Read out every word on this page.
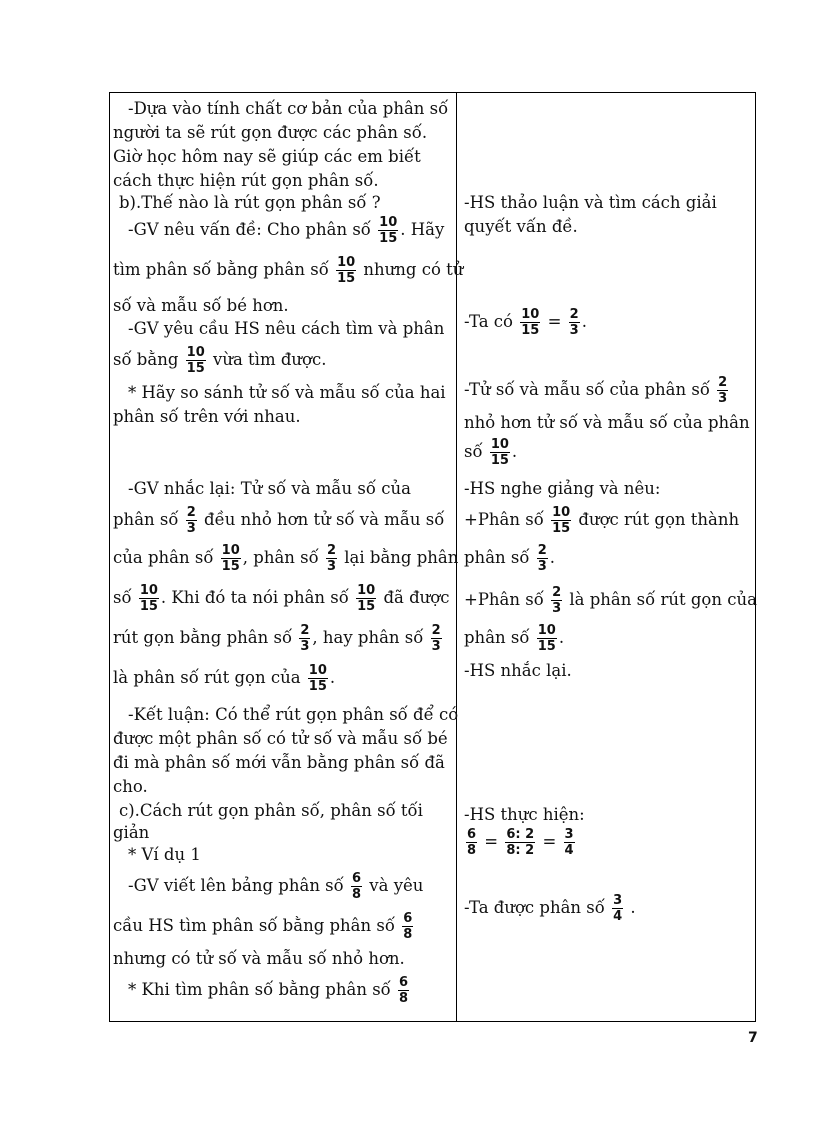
-Dựa vào tính chất cơ bản của phân số
người ta sẽ rút gọn được các phân số.
Giờ học hôm nay sẽ giúp các em biết
cách thực hiện rút gọn phân số.
b).Thế nào là rút gọn phân số ?
-GV nêu vấn đề: Cho phân số $\frac{10}{15}$ . Hãy
tìm phân số bằng phân số $\frac{10}{15}$ nhưng có tử
số và mẫu số bé hơn.
-GV yêu cầu HS nêu cách tìm và phân
số bằng $\frac{10}{15}$ vừa tìm được.
* Hãy so sánh tử số và mẫu số của hai
phân số trên với nhau.
-GV nhắc lại: Tử số và mẫu số của
phân số $\frac{2}{3}$ đều nhỏ hơn tử số và mẫu số
của phân số $\frac{10}{15}$ , phân số $\frac{2}{3}$ lại bằng phân
số $\frac{10}{15}$ . Khi đó ta nói phân số $\frac{10}{15}$ đã được
rút gọn bằng phân số $\frac{2}{3}$ , hay phân số $\frac{2}{3}$
là phân số rút gọn của $\frac{10}{15}$ .
-Kết luận: Có thể rút gọn phân số để có
được một phân số có tử số và mẫu số bé
đi mà phân số mới vẫn bằng phân số đã
cho.
c).Cách rút gọn phân số, phân số tối
giản
* Ví dụ 1
-GV viết lên bảng phân số $\frac{6}{8}$ và yêu
cầu HS tìm phân số bằng phân số $\frac{6}{8}$
nhưng có tử số và mẫu số nhỏ hơn.
* Khi tìm phân số bằng phân số $\frac{6}{8}$
-HS thảo luận và tìm cách giải
quyết vấn đề.
-Ta có $\frac{10}{15} = \frac{2}{3}$ .
-Tử số và mẫu số của phân số $\frac{2}{3}$
nhỏ hơn tử số và mẫu số của phân
số $\frac{10}{15}$ .
-HS nghe giảng và nêu:
+Phân số $\frac{10}{15}$ được rút gọn thành
phân số $\frac{2}{3}$ .
+Phân số $\frac{2}{3}$ là phân số rút gọn của
phân số $\frac{10}{15}$ .
-HS nhắc lại.
-HS thực hiện:
$\frac{6}{8} = \frac{6: 2}{8: 2} = \frac{3}{4}$
-Ta được phân số $\frac{3}{4}$ .
7
